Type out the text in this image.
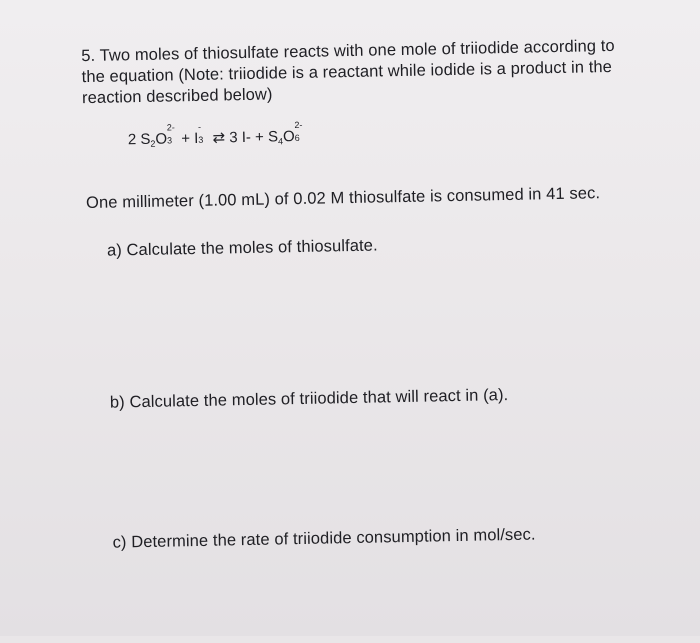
5. Two moles of thiosulfate reacts with one mole of triiodide according to
the equation (Note: triiodide is a reactant while iodide is a product in the
reaction described below)
2 $S_2O$
2-
3 + I
-
3 ⇄ 3 $I- + S_4O$
2-
6
One millimeter (1.00 mL) of 0.02 M thiosulfate is consumed in 41 sec.
a) Calculate the moles of thiosulfate.
b) Calculate the moles of triiodide that will react in (a).
c) Determine the rate of triiodide consumption in mol/sec.
